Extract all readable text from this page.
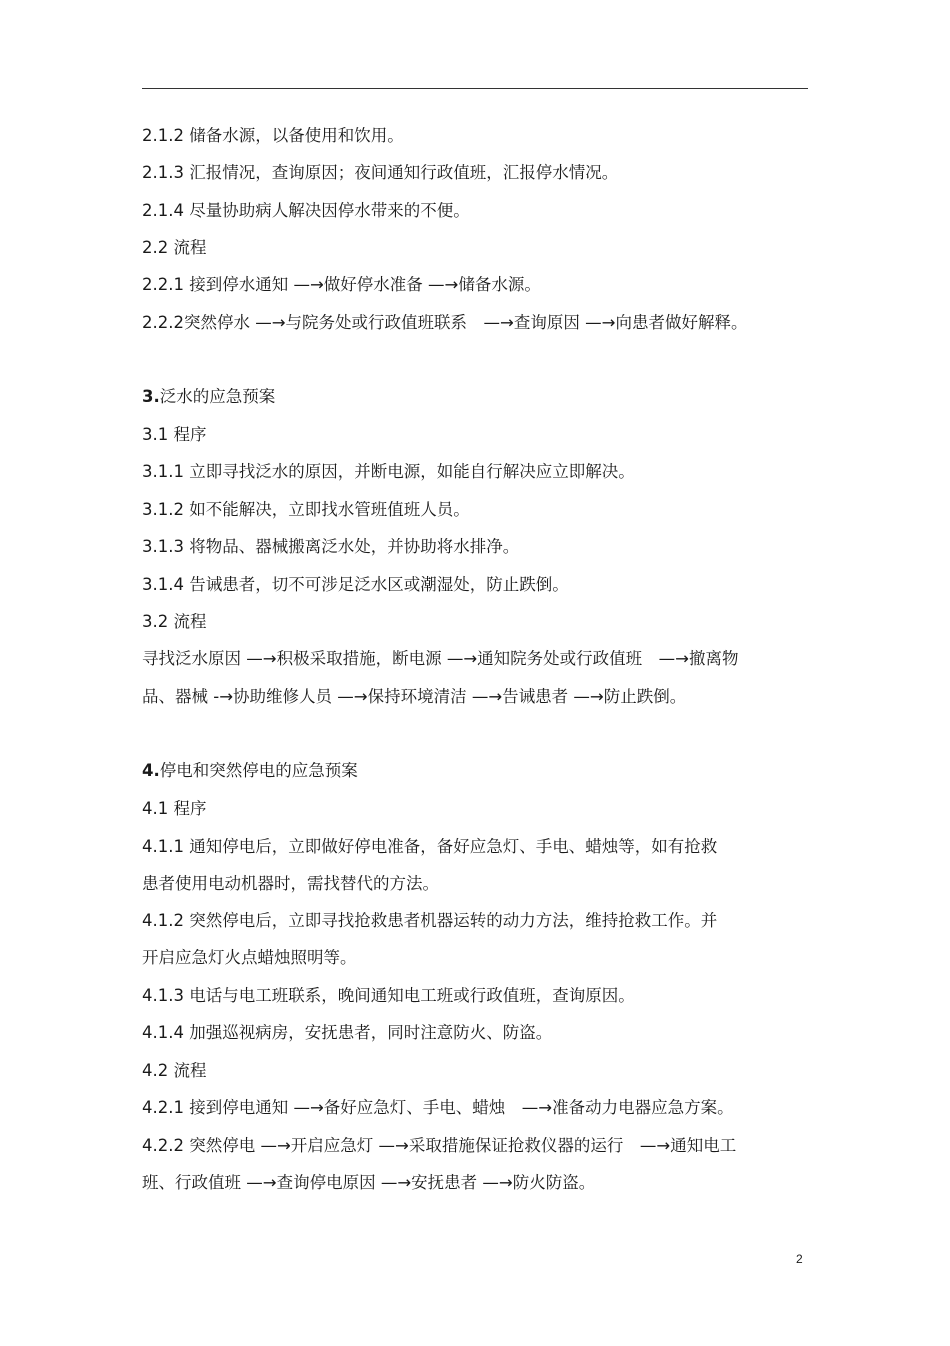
2.1.2 储备水源，以备使用和饮用。
2.1.3 汇报情况，查询原因；夜间通知行政值班，汇报停水情况。
2.1.4 尽量协助病人解决因停水带来的不便。
2.2 流程
2.2.1 接到停水通知 —→做好停水准备 —→储备水源。
2.2.2突然停水 —→与院务处或行政值班联系　—→查询原因 —→向患者做好解释。
3.泛水的应急预案
3.1 程序
3.1.1 立即寻找泛水的原因，并断电源，如能自行解决应立即解决。
3.1.2 如不能解决，立即找水管班值班人员。
3.1.3 将物品、器械搬离泛水处，并协助将水排净。
3.1.4 告诫患者，切不可涉足泛水区或潮湿处，防止跌倒。
3.2 流程
寻找泛水原因 —→积极采取措施，断电源 —→通知院务处或行政值班　—→撤离物
品、器械 -→协助维修人员 —→保持环境清洁 —→告诫患者 —→防止跌倒。
4.停电和突然停电的应急预案
4.1 程序
4.1.1 通知停电后，立即做好停电准备，备好应急灯、手电、蜡烛等，如有抢救
患者使用电动机器时，需找替代的方法。
4.1.2 突然停电后，立即寻找抢救患者机器运转的动力方法，维持抢救工作。并
开启应急灯火点蜡烛照明等。
4.1.3 电话与电工班联系，晚间通知电工班或行政值班，查询原因。
4.1.4 加强巡视病房，安抚患者，同时注意防火、防盗。
4.2 流程
4.2.1 接到停电通知 —→备好应急灯、手电、蜡烛　—→准备动力电器应急方案。
4.2.2 突然停电 —→开启应急灯 —→采取措施保证抢救仪器的运行　—→通知电工
班、行政值班 —→查询停电原因 —→安抚患者 —→防火防盗。
2
